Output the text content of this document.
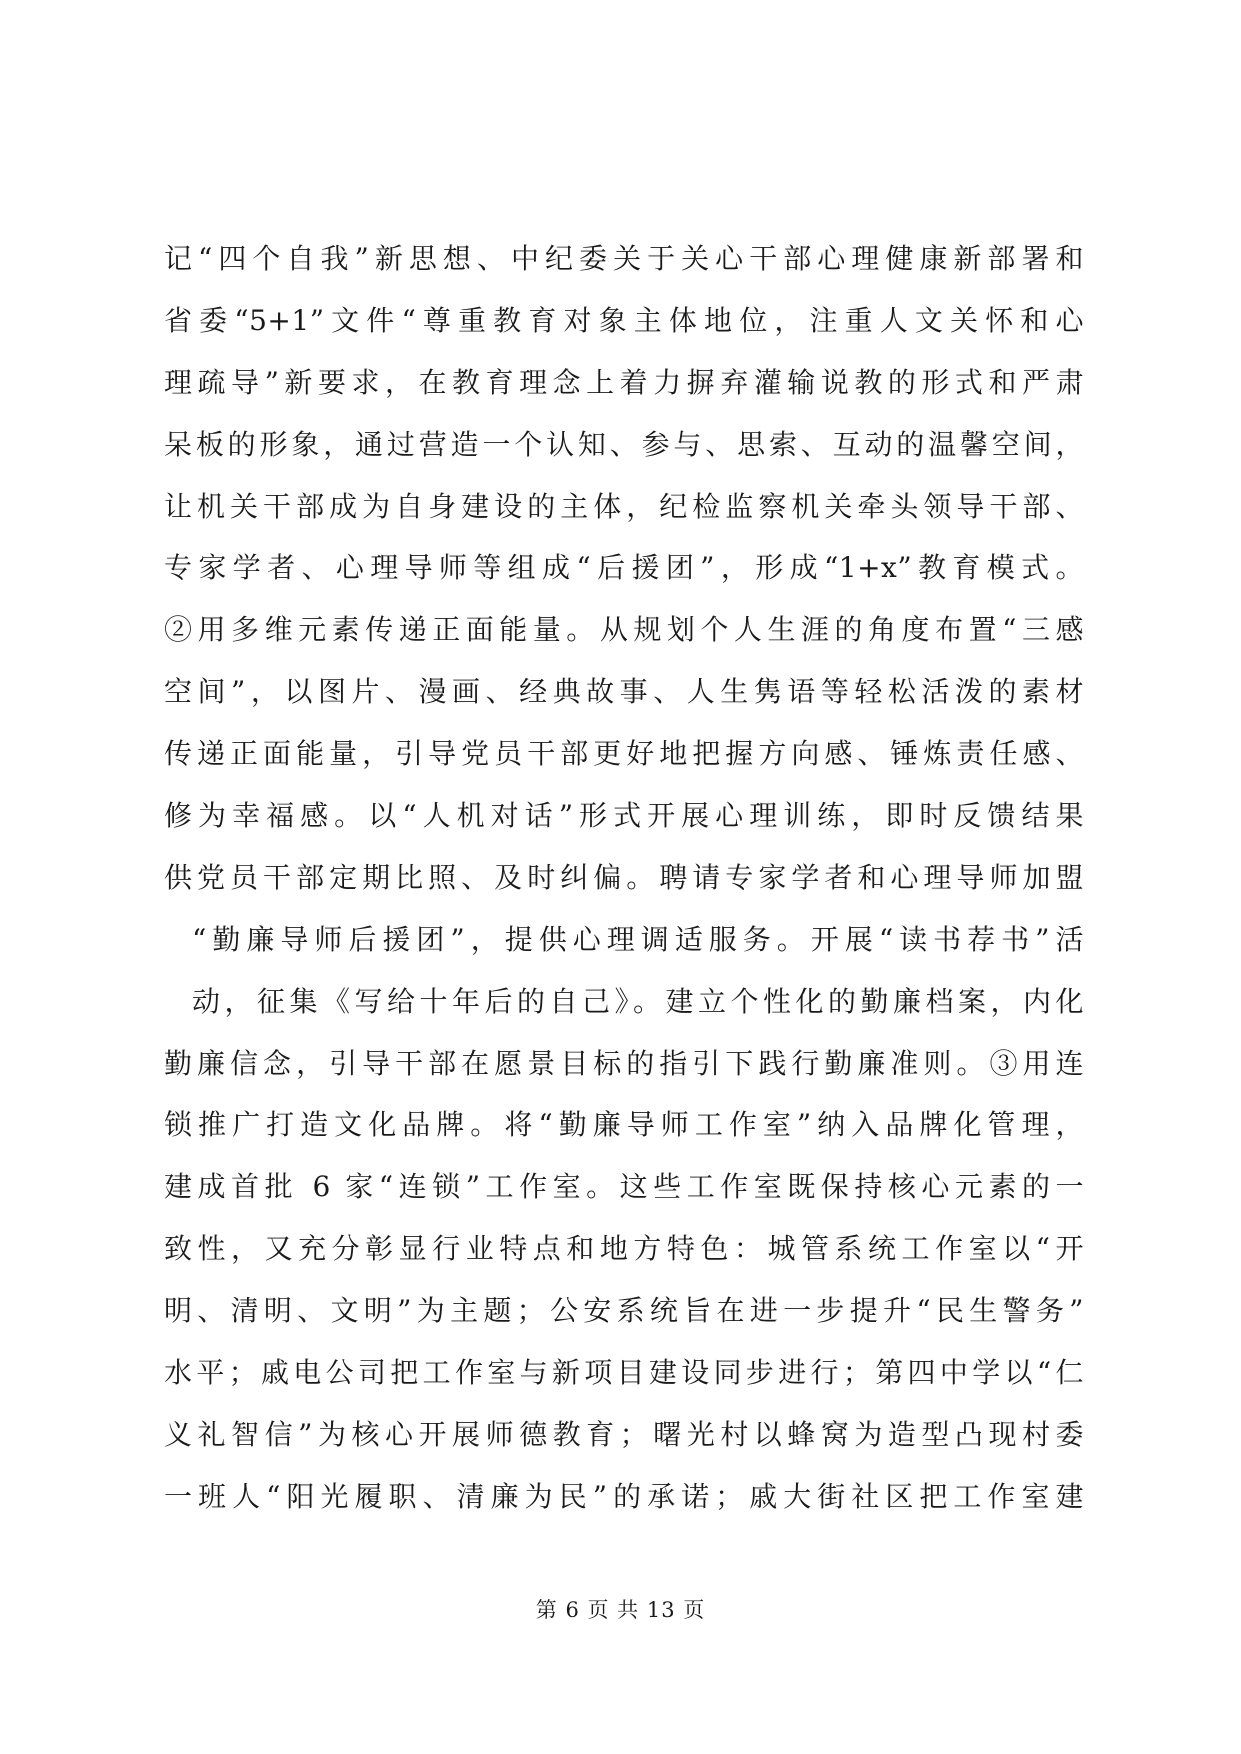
记“四个自我”新思想、中纪委关于关心干部心理健康新部署和
省委“5+1”文件“尊重教育对象主体地位，注重人文关怀和心
理疏导”新要求，在教育理念上着力摒弃灌输说教的形式和严肃
呆板的形象，通过营造一个认知、参与、思索、互动的温馨空间，
让机关干部成为自身建设的主体，纪检监察机关牵头领导干部、
专家学者、心理导师等组成“后援团”，形成“1+x”教育模式。
②用多维元素传递正面能量。从规划个人生涯的角度布置“三感
空间”，以图片、漫画、经典故事、人生隽语等轻松活泼的素材
传递正面能量，引导党员干部更好地把握方向感、锤炼责任感、
修为幸福感。以“人机对话”形式开展心理训练，即时反馈结果
供党员干部定期比照、及时纠偏。聘请专家学者和心理导师加盟
“勤廉导师后援团”，提供心理调适服务。开展“读书荐书”活
动，征集《写给十年后的自己》。建立个性化的勤廉档案，内化
勤廉信念，引导干部在愿景目标的指引下践行勤廉准则。③用连
锁推广打造文化品牌。将“勤廉导师工作室”纳入品牌化管理，
建成首批 6 家“连锁”工作室。这些工作室既保持核心元素的一
致性，又充分彰显行业特点和地方特色：城管系统工作室以“开
明、清明、文明”为主题；公安系统旨在进一步提升“民生警务”
水平；戚电公司把工作室与新项目建设同步进行；第四中学以“仁
义礼智信”为核心开展师德教育；曙光村以蜂窝为造型凸现村委
一班人“阳光履职、清廉为民”的承诺；戚大街社区把工作室建
第 6 页 共 13 页
